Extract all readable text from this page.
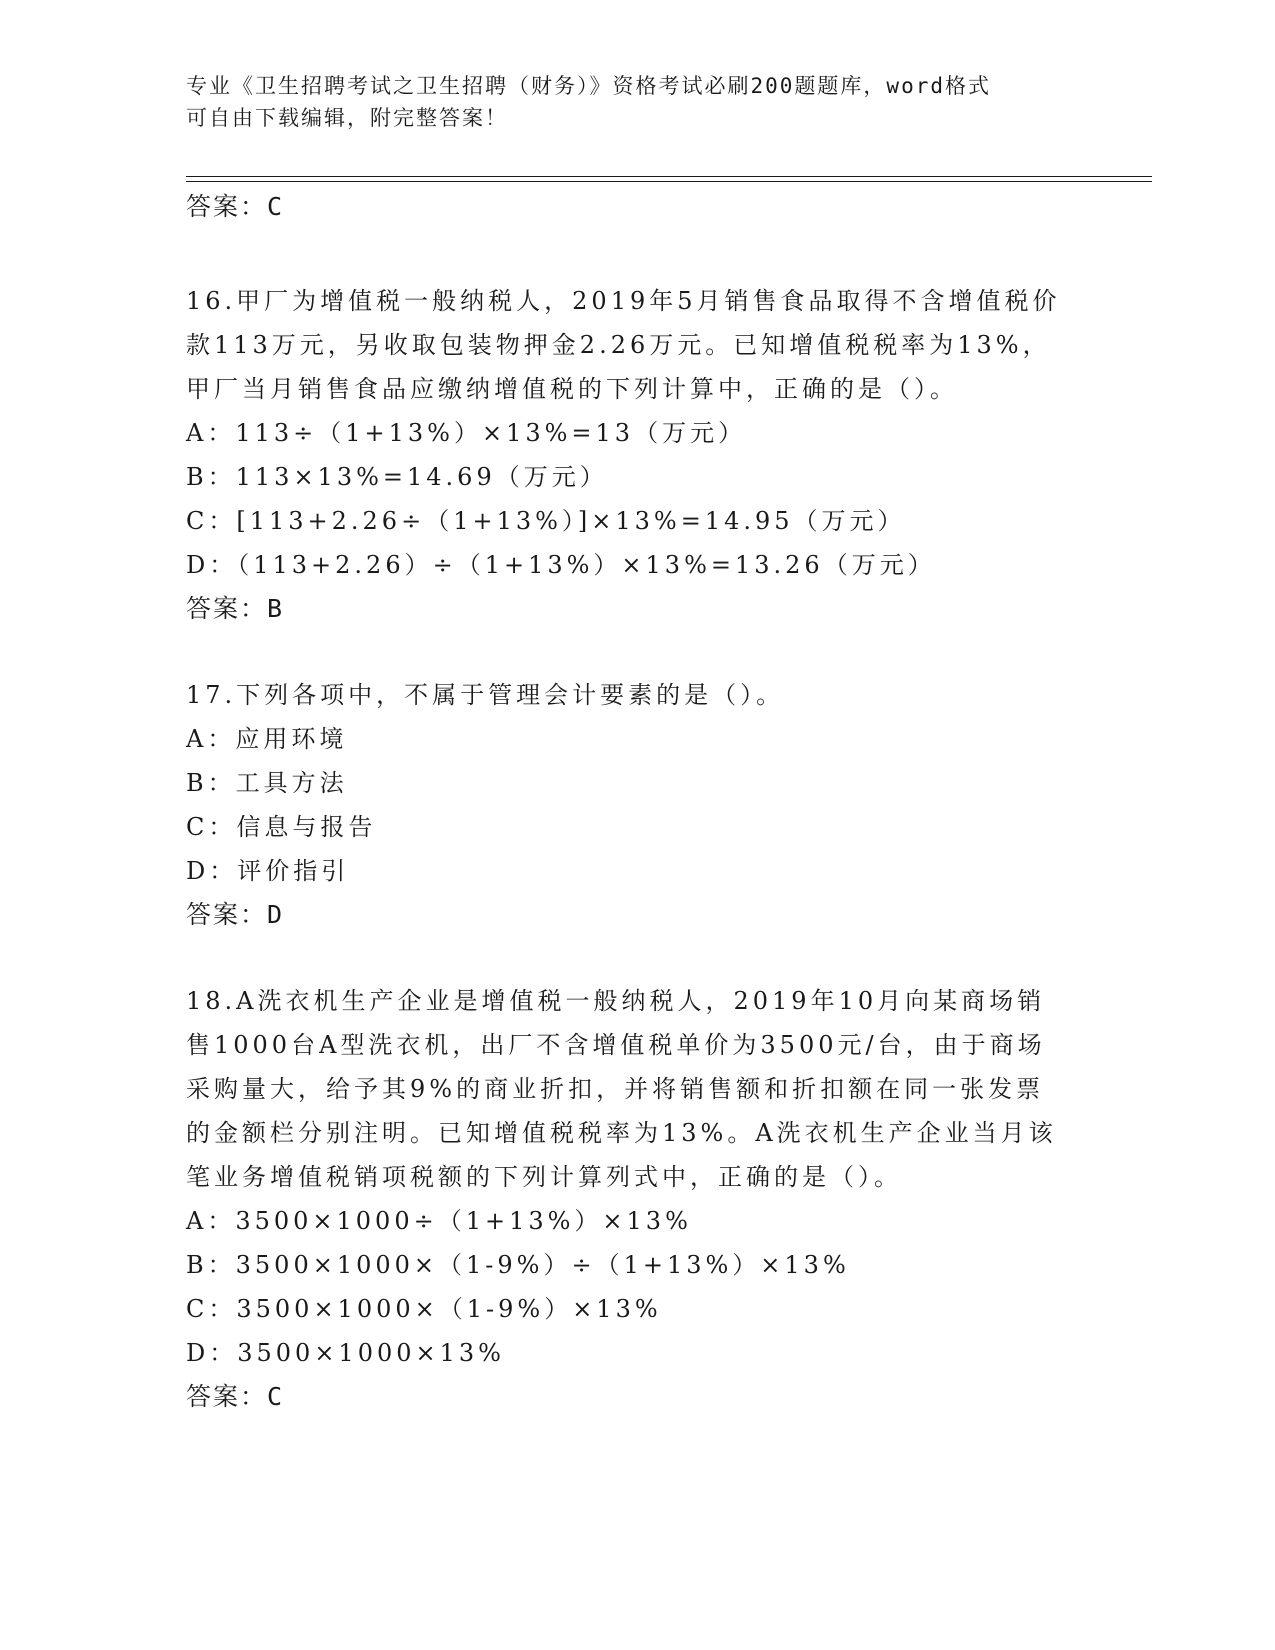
专业《卫生招聘考试之卫生招聘（财务）》资格考试必刷200题题库，word格式
可自由下载编辑，附完整答案！
答案：C
16.甲厂为增值税一般纳税人，2019年5月销售食品取得不含增值税价
款113万元，另收取包装物押金2.26万元。已知增值税税率为13%，
甲厂当月销售食品应缴纳增值税的下列计算中，正确的是（）。
A：113÷（1+13%）×13%=13（万元）
B：113×13%=14.69（万元）
C：[113+2.26÷（1+13%）]×13%=14.95（万元）
D：（113+2.26）÷（1+13%）×13%=13.26（万元）
答案：B
17.下列各项中，不属于管理会计要素的是（）。
A：应用环境
B：工具方法
C：信息与报告
D：评价指引
答案：D
18.A洗衣机生产企业是增值税一般纳税人，2019年10月向某商场销
售1000台A型洗衣机，出厂不含增值税单价为3500元/台，由于商场
采购量大，给予其9%的商业折扣，并将销售额和折扣额在同一张发票
的金额栏分别注明。已知增值税税率为13%。A洗衣机生产企业当月该
笔业务增值税销项税额的下列计算列式中，正确的是（）。
A：3500×1000÷（1+13%）×13%
B：3500×1000×（1-9%）÷（1+13%）×13%
C：3500×1000×（1-9%）×13%
D：3500×1000×13%
答案：C
